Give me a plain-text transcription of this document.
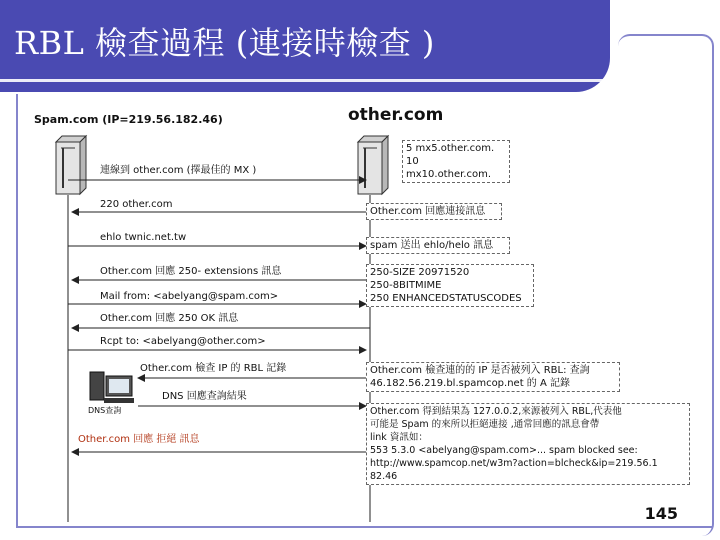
RBL 檢查過程 (連接時檢查 )
Spam.com (IP=219.56.182.46)	other.com
5 mx5.other.com.
10 mx10.other.com.
連線到 other.com (擇最佳的 MX )
220 other.com
Other.com 回應連接訊息
ehlo twnic.net.tw
spam 送出 ehlo/helo 訊息
Other.com 回應 250- extensions 訊息	250-SIZE 20971520
250-8BITMIME
250 ENHANCEDSTATUSCODES
Mail from: <abelyang@spam.com>
Other.com 回應 250 OK 訊息
Rcpt to: <abelyang@other.com>
Other.com 檢查 IP 的 RBL 記錄	Other.com 檢查連的的 IP 是否被列入 RBL: 查詢
46.182.56.219.bl.spamcop.net 的 A 記錄
DNS 回應查詢結果
DNS查詢	Other.com 得到結果為 127.0.0.2,來源被列入 RBL,代表他
可能是 Spam 的來所以拒絕連接 ,通常回應的訊息會帶
link 資訊如：
553 5.3.0 <abelyang@spam.com>... spam blocked see:
http://www.spamcop.net/w3m?action=blcheck&ip=219.56.1
82.46
Other.com 回應 拒絕 訊息
145
